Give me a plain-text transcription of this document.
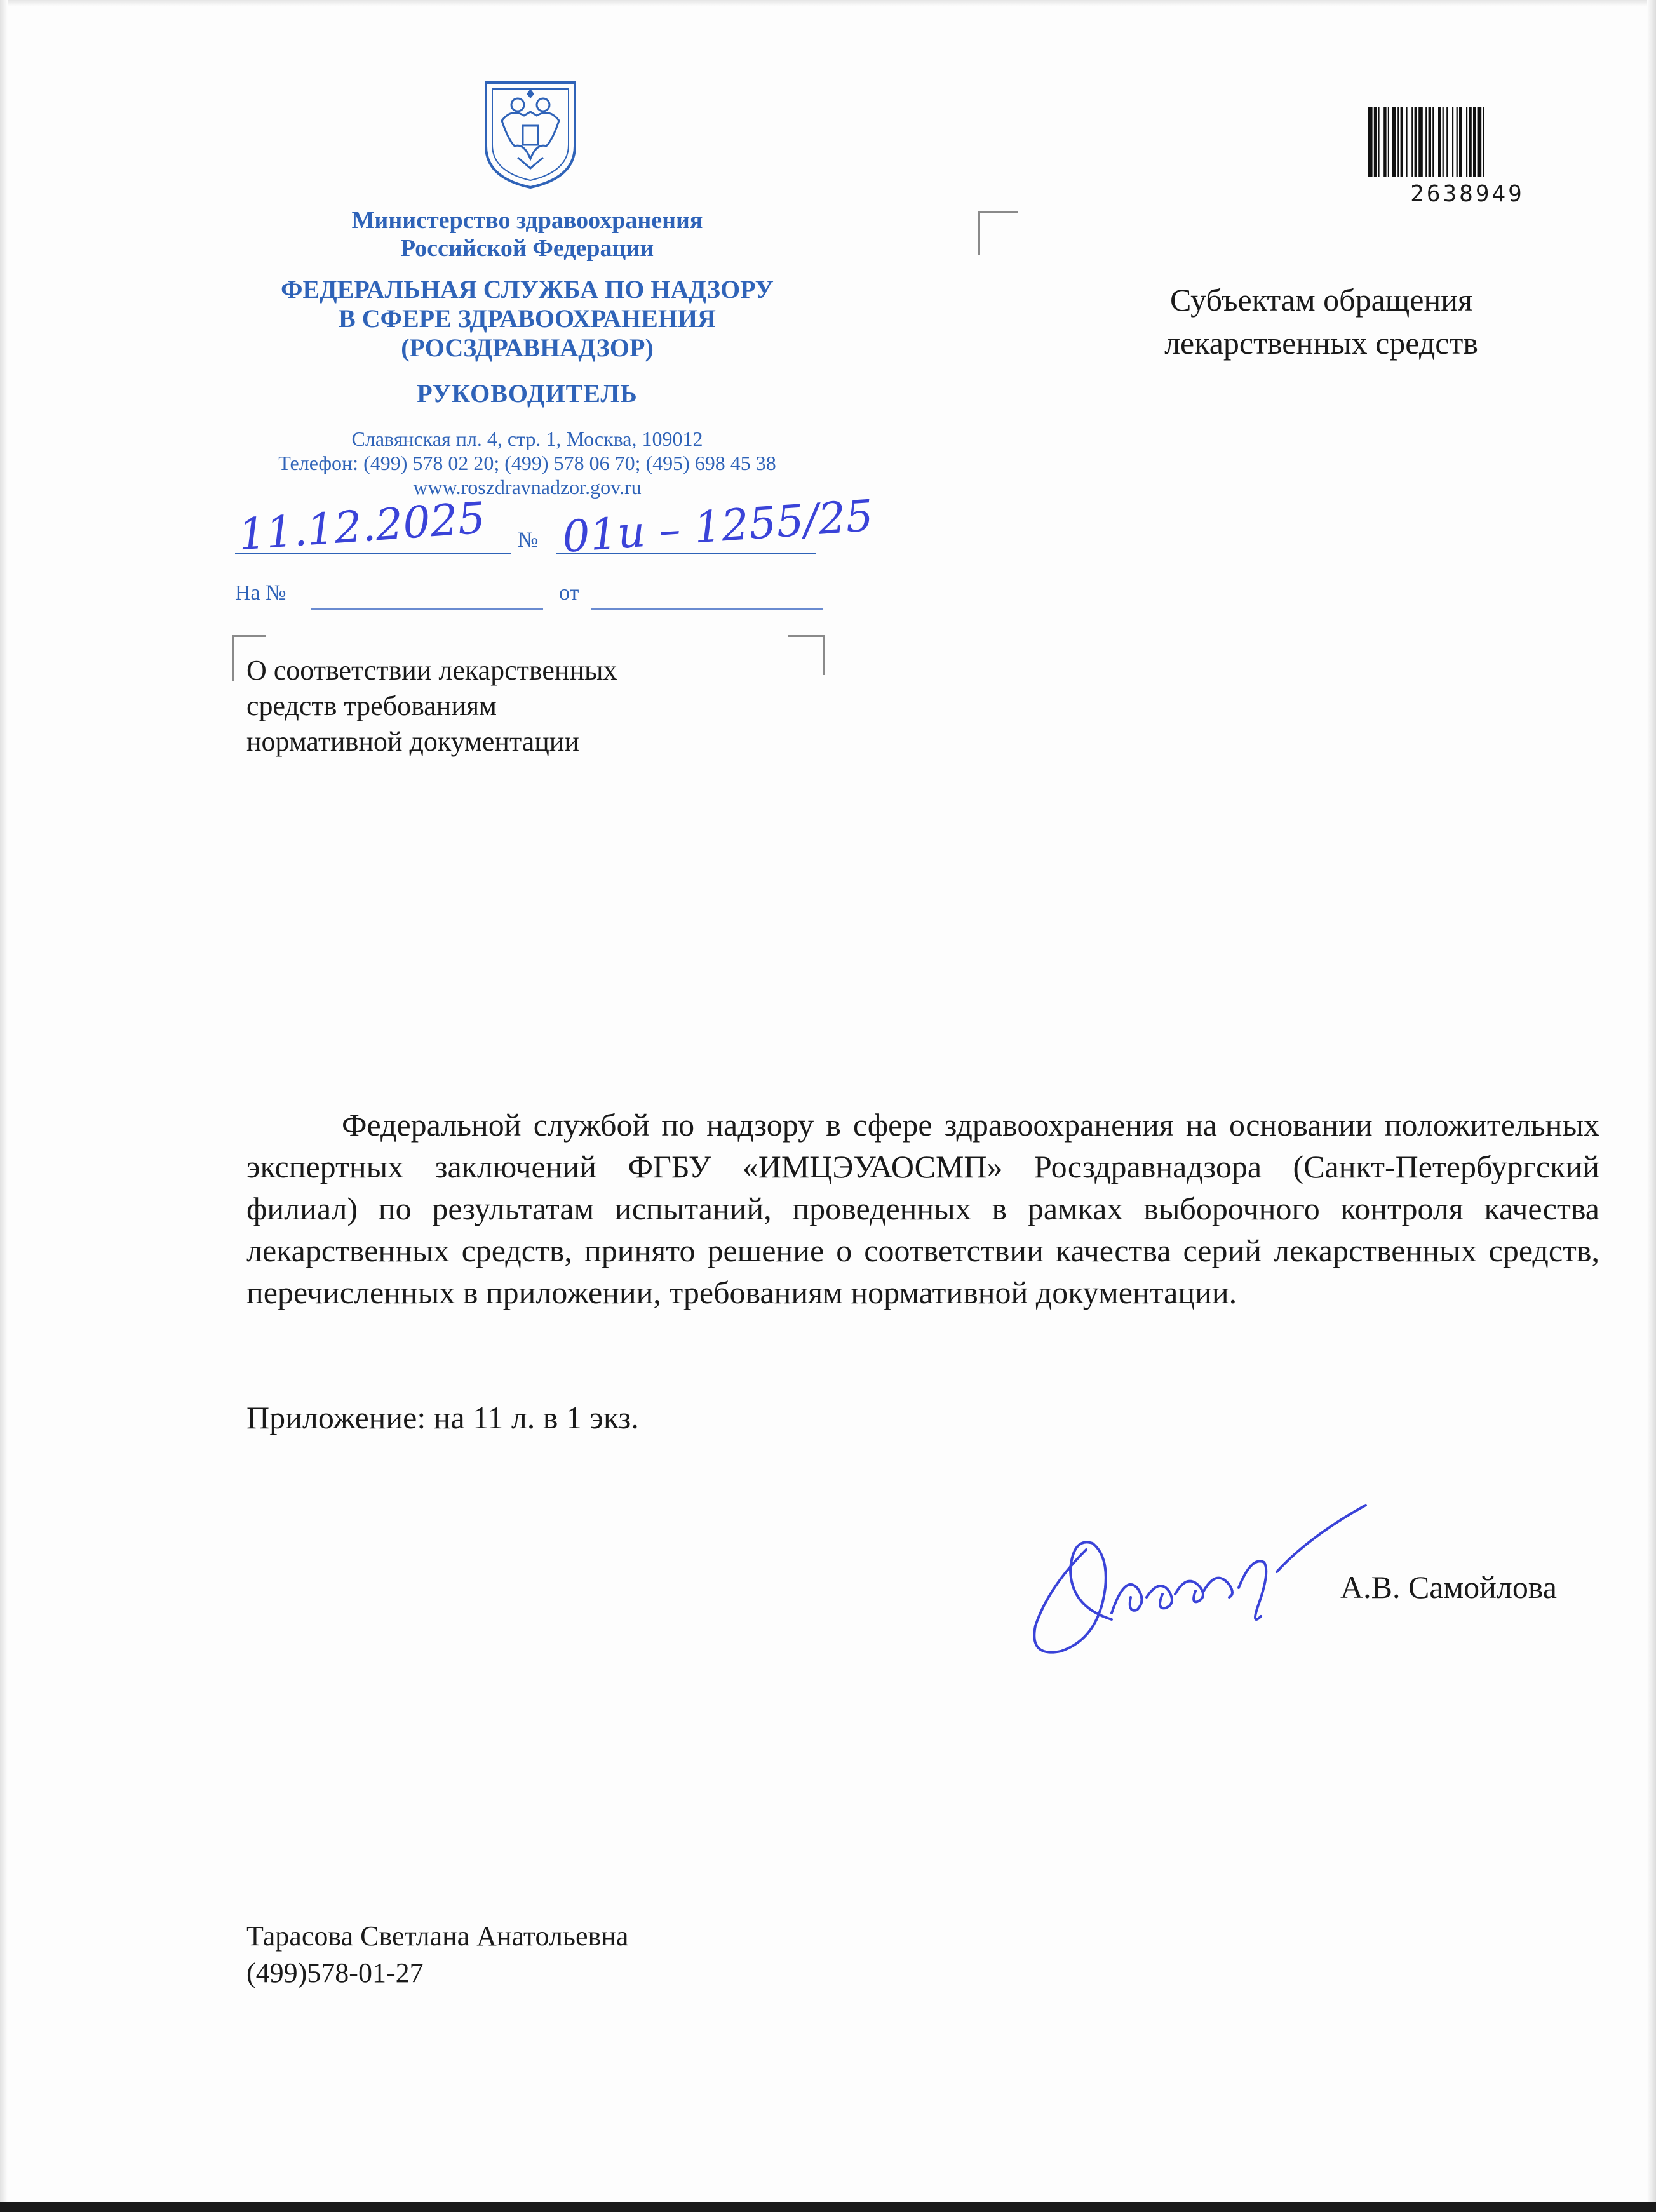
Министерство здравоохранения
Российской Федерации
ФЕДЕРАЛЬНАЯ СЛУЖБА ПО НАДЗОРУ
В СФЕРЕ ЗДРАВООХРАНЕНИЯ
(РОСЗДРАВНАДЗОР)
РУКОВОДИТЕЛЬ
Славянская пл. 4, стр. 1, Москва, 109012
Телефон: (499) 578 02 20; (499) 578 06 70; (495) 698 45 38
www.roszdravnadzor.gov.ru
2638949
Субъектам обращения
лекарственных средств
11.12.2025 № 01и – 1255/25
На №	от
О соответствии лекарственных
средств требованиям
нормативной документации

Федеральной службой по надзору в сфере здравоохранения на основании положительных экспертных заключений ФГБУ «ИМЦЭУАОСМП» Росздравнадзора (Санкт-Петербургский филиал) по результатам испытаний, проведенных в рамках выборочного контроля качества лекарственных средств, принято решение о соответствии качества серий лекарственных средств, перечисленных в приложении, требованиям нормативной документации.

Приложение: на 11 л. в 1 экз.
А.В. Самойлова
Тарасова Светлана Анатольевна
(499)578-01-27
